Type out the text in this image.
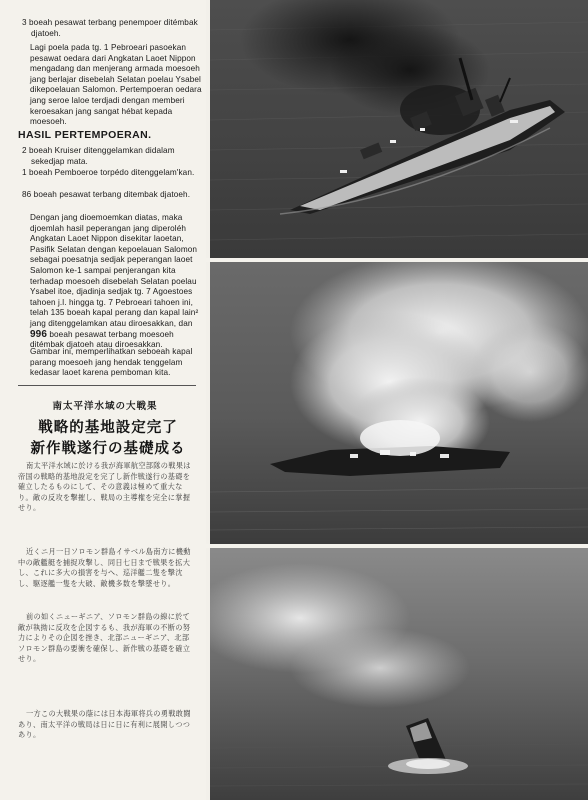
3 boeah pesawat terbang penempoer ditémbak djatoeh.

Lagi poela pada tg. 1 Pebroeari pasoekan pesawat oedara dari Angkatan Laoet Nippon mengadang dan menjerang armada moesoeh jang berlajar disebelah Selatan poelau Ysabel dikepoelauan Salomon. Pertempoeran oedara jang seroe laloe terdjadi dengan memberi keroesakan jang sangat hébat kepada moesoeh.

HASIL PERTEMPOERAN.

2 boeah Kruiser ditenggelamkan didalam sekedjap mata.

1 boeah Pemboeroe torpédo ditenggelam'kan.

86 boeah pesawat terbang ditembak djatoeh.

Dengan jang dioemoemkan diatas, maka djoemlah hasil peperangan jang diperoléh Angkatan Laoet Nippon disekitar laoetan, Pasifik Selatan dengan kepoelauan Salomon sebagai poesatnja sedjak peperangan laoet Salomon ke-1 sampai penjerangan kita terhadap moesoeh disebelah Selatan poelau Ysabel itoe, djadinja sedjak tg. 7 Agoestoes tahoen j.l. hingga tg. 7 Pebroeari tahoen ini, telah 135 boeah kapal perang dan kapal lain² jang ditenggelamkan atau diroesakkan, dan 996 boeah pesawat terbang moesoeh ditémbak djatoeh atau diroesakkan.

Gambar ini, memperlihatkan seboeah kapal parang moesoeh jang hendak tenggelam kedasar laoet karena pemboman kita.

南太平洋水域の大戦果
戦略的基地設定完了
新作戦遂行の基礎成る

南太平洋水域に於ける我が海軍航空部隊の戦果は帝国の戦略的基地設定を完了し新作戦遂行の基礎を確立したるものにして、その意義は極めて重大なり。敵の反攻を撃摧し、戦局の主導権を完全に掌握せり。

近くニ月一日ソロモン群島イサベル島南方に機動中の敵艦艇を捕捉攻撃し、同日七日まで戦果を拡大し、これに多大の損害を与へ、巡洋艦二隻を撃沈し、駆逐艦一隻を大破、敵機多数を撃墜せり。

前の如くニューギニア、ソロモン群島の線に於て敵が執拗に反攻を企図するも、我が海軍の不断の努力によりその企図を挫き、北部ニューギニア、北部ソロモン群島の要衝を確保し、新作戦の基礎を確立せり。

一方この大戦果の蔭には日本海軍将兵の勇戦敢闘あり、南太平洋の戦局は日に日に有利に展開しつつあり。
